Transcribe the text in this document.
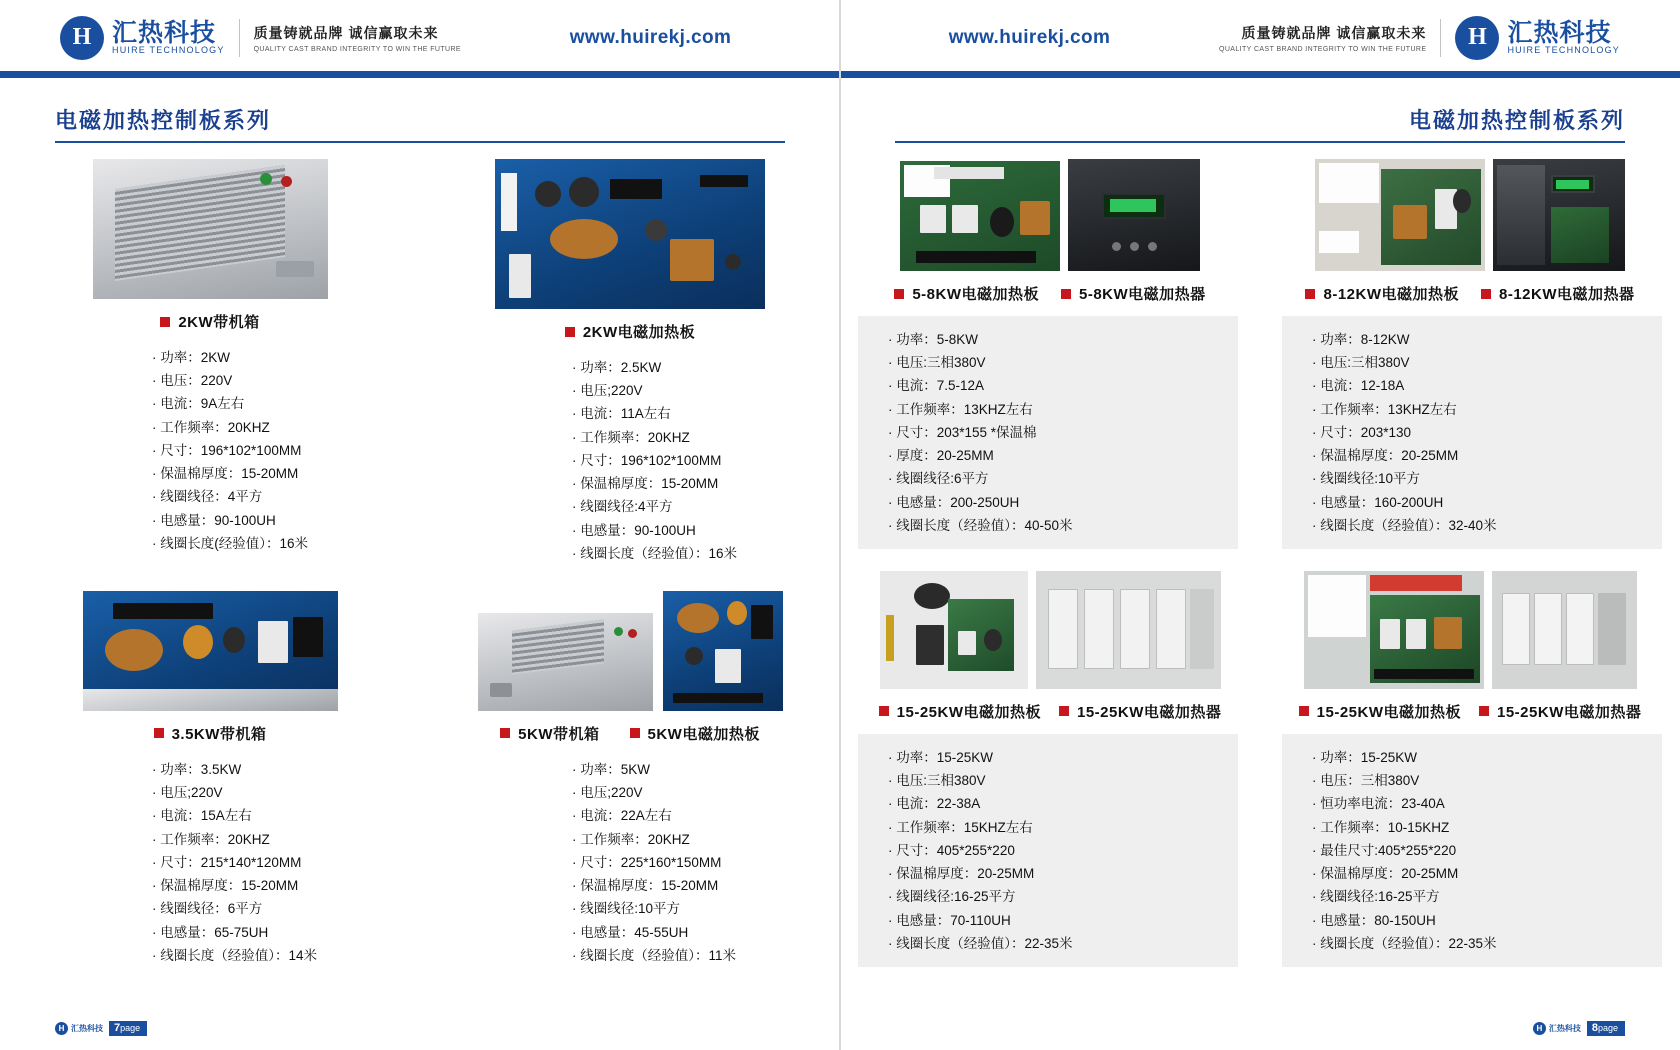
H 汇热科技
HUIRE TECHNOLOGY
质量铸就品牌 诚信赢取未来
QUALITY CAST BRAND INTEGRITY TO WIN THE FUTURE
www.huirekj.com
电磁加热控制板系列
2KW带机箱
· 功率：2KW
· 电压：220V
· 电流：9A左右
· 工作频率：20KHZ
· 尺寸：196*102*100MM
· 保温棉厚度：15-20MM
· 线圈线径：4平方
· 电感量：90-100UH
· 线圈长度(经验值）：16米
2KW电磁加热板
· 功率：2.5KW
· 电压;220V
· 电流：11A左右
· 工作频率：20KHZ
· 尺寸：196*102*100MM
· 保温棉厚度：15-20MM
· 线圈线径:4平方
· 电感量：90-100UH
· 线圈长度（经验值）：16米
3.5KW带机箱
· 功率：3.5KW
· 电压;220V
· 电流：15A左右
· 工作频率：20KHZ
· 尺寸：215*140*120MM
· 保温棉厚度：15-20MM
· 线圈线径：6平方
· 电感量：65-75UH
· 线圈长度（经验值）：14米
5KW带机箱	5KW电磁加热板
· 功率：5KW
· 电压;220V
· 电流：22A左右
· 工作频率：20KHZ
· 尺寸：225*160*150MM
· 保温棉厚度：15-20MM
· 线圈线径:10平方
· 电感量：45-55UH
· 线圈长度（经验值）：11米
H 汇热科技	7page
www.huirekj.com	质量铸就品牌 诚信赢取未来
QUALITY CAST BRAND INTEGRITY TO WIN THE FUTURE	H 汇热科技
HUIRE TECHNOLOGY
电磁加热控制板系列
5-8KW电磁加热板	5-8KW电磁加热器
· 功率：5-8KW
· 电压:三相380V
· 电流：7.5-12A
· 工作频率：13KHZ左右
· 尺寸：203*155 *保温棉
· 厚度：20-25MM
· 线圈线径:6平方
· 电感量：200-250UH
· 线圈长度（经验值）：40-50米
8-12KW电磁加热板	8-12KW电磁加热器
· 功率：8-12KW
· 电压:三相380V
· 电流：12-18A
· 工作频率：13KHZ左右
· 尺寸：203*130
· 保温棉厚度：20-25MM
· 线圈线径:10平方
· 电感量：160-200UH
· 线圈长度（经验值）：32-40米
15-25KW电磁加热板 15-25KW电磁加热器
· 功率：15-25KW
· 电压:三相380V
· 电流：22-38A
· 工作频率：15KHZ左右
· 尺寸：405*255*220
· 保温棉厚度：20-25MM
· 线圈线径:16-25平方
· 电感量：70-110UH
· 线圈长度（经验值）：22-35米
15-25KW电磁加热板 15-25KW电磁加热器
· 功率：15-25KW
· 电压：三相380V
· 恒功率电流：23-40A
· 工作频率：10-15KHZ
· 最佳尺寸:405*255*220
· 保温棉厚度：20-25MM
· 线圈线径:16-25平方
· 电感量：80-150UH
· 线圈长度（经验值）：22-35米
H 汇热科技	8page
